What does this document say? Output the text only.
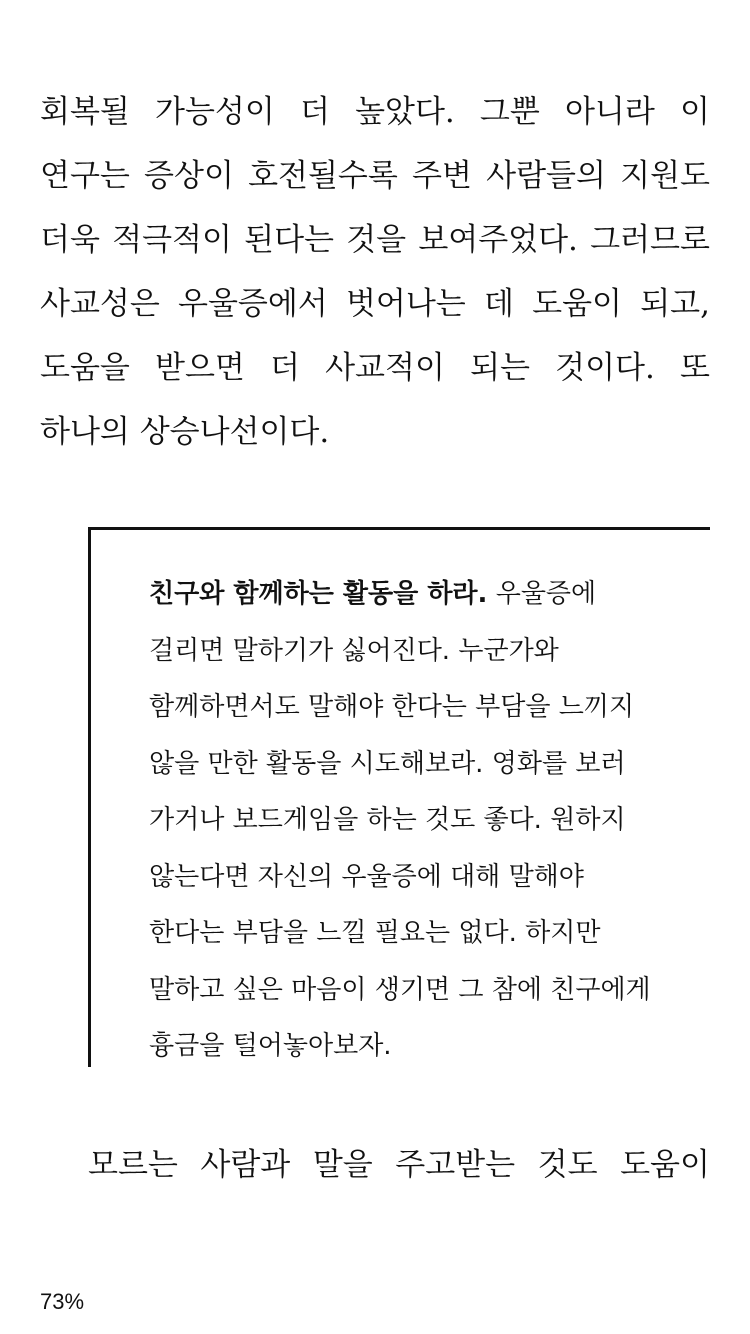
회복될 가능성이 더 높았다. 그뿐 아니라 이
연구는 증상이 호전될수록 주변 사람들의 지원도
더욱 적극적이 된다는 것을 보여주었다. 그러므로
사교성은 우울증에서 벗어나는 데 도움이 되고,
도움을 받으면 더 사교적이 되는 것이다. 또
하나의 상승나선이다.
친구와 함께하는 활동을 하라. 우울증에
걸리면 말하기가 싫어진다. 누군가와
함께하면서도 말해야 한다는 부담을 느끼지
않을 만한 활동을 시도해보라. 영화를 보러
가거나 보드게임을 하는 것도 좋다. 원하지
않는다면 자신의 우울증에 대해 말해야
한다는 부담을 느낄 필요는 없다. 하지만
말하고 싶은 마음이 생기면 그 참에 친구에게
흉금을 털어놓아보자.
모르는 사람과 말을 주고받는 것도 도움이
73%
